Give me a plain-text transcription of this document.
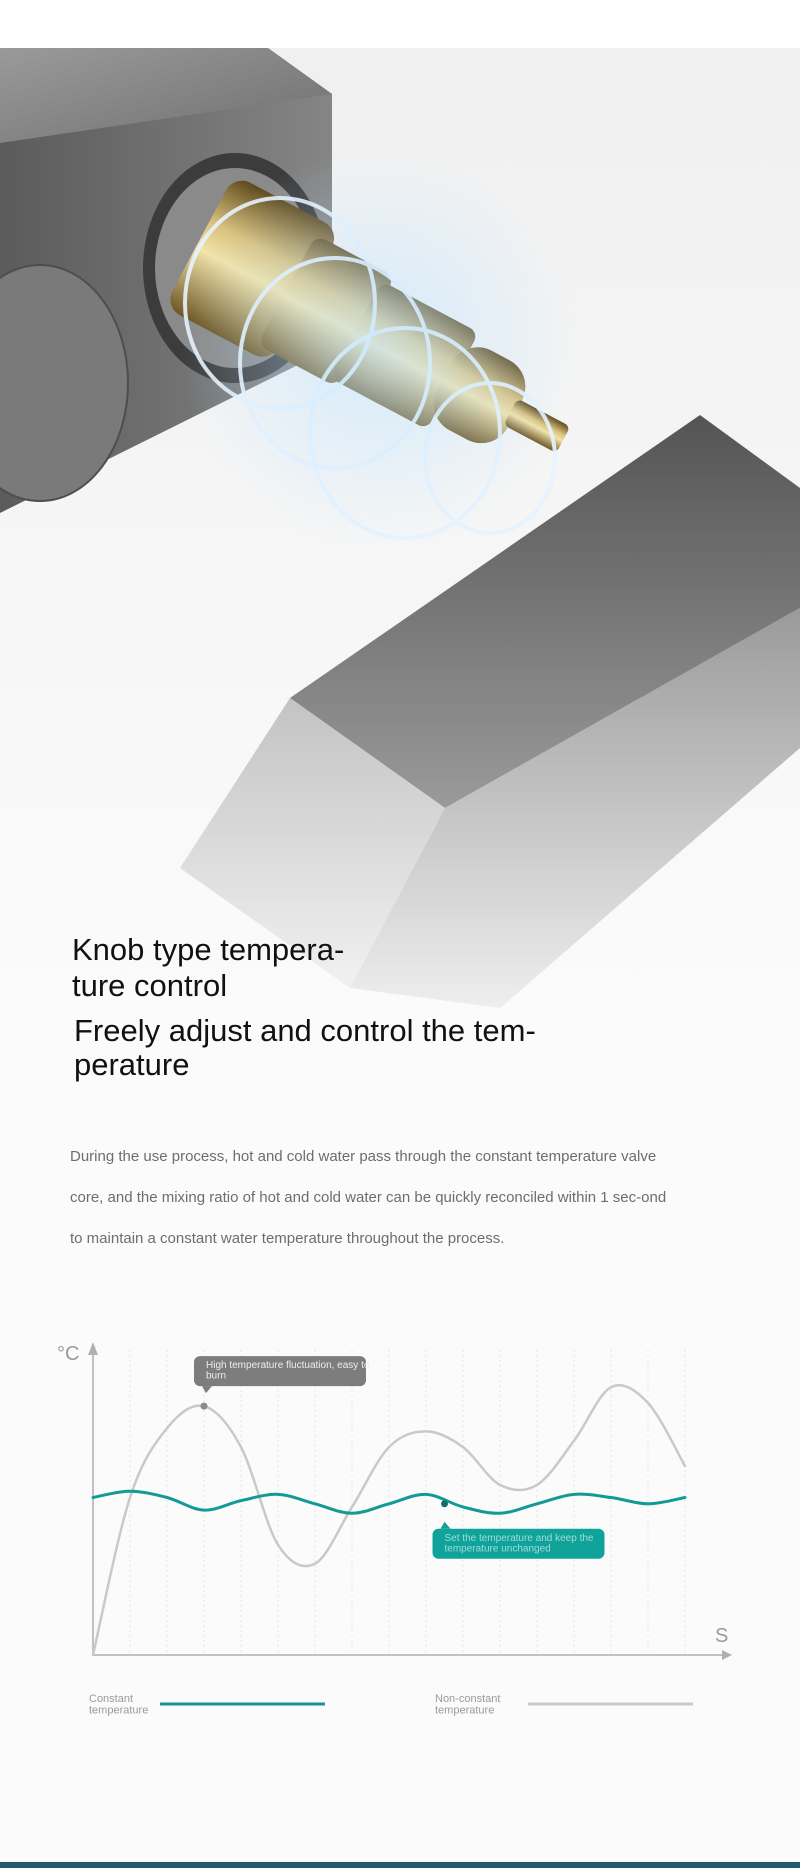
Knob type tempera-
ture control
Freely adjust and control the tem-
perature

During the use process, hot and cold water pass through the constant temperature valve core, and the mixing ratio of hot and cold water can be quickly reconciled within 1 sec-ond to maintain a constant water temperature throughout the process.

°C
S
High temperature fluctuation, easy to burn
Set the temperature and keep the temperature unchanged
Constant temperature
Non-constant temperature
